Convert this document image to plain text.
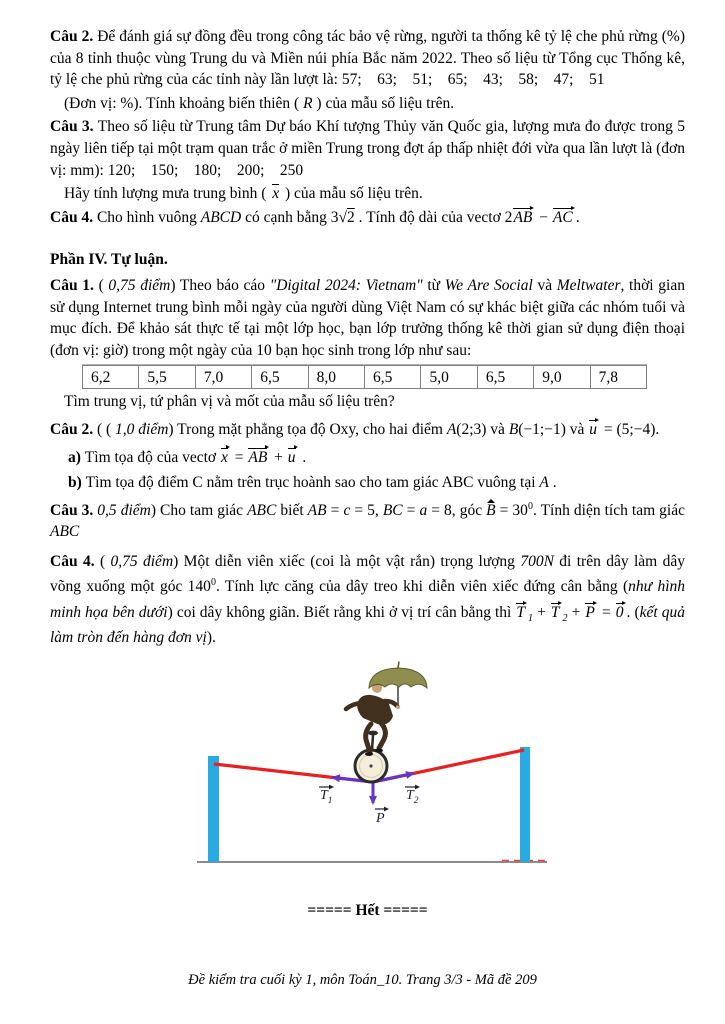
Câu 2. Để đánh giá sự đồng đều trong công tác bảo vệ rừng, người ta thống kê tỷ lệ che phủ rừng (%) của 8 tỉnh thuộc vùng Trung du và Miền núi phía Bắc năm 2022. Theo số liệu từ Tổng cục Thống kê, tỷ lệ che phủ rừng của các tỉnh này lần lượt là: 57;  63;  51;  65;  43;  58;  47;  51

(Đơn vị: %). Tính khoảng biến thiên ( R ) của mẫu số liệu trên.

Câu 3. Theo số liệu từ Trung tâm Dự báo Khí tượng Thủy văn Quốc gia, lượng mưa đo được trong 5 ngày liên tiếp tại một trạm quan trắc ở miền Trung trong đợt áp thấp nhiệt đới vừa qua lần lượt là (đơn vị: mm): 120;  150;  180;  200;  250

Hãy tính lượng mưa trung bình ( x ) của mẫu số liệu trên.

Câu 4. Cho hình vuông ABCD có cạnh bằng 3√2 . Tính độ dài của vectơ 2AB − AC .

Phần IV. Tự luận.

Câu 1. ( 0,75 điểm) Theo báo cáo "Digital 2024: Vietnam" từ We Are Social và Meltwater, thời gian sử dụng Internet trung bình mỗi ngày của người dùng Việt Nam có sự khác biệt giữa các nhóm tuổi và mục đích. Để khảo sát thực tế tại một lớp học, bạn lớp trưởng thống kê thời gian sử dụng điện thoại (đơn vị: giờ) trong một ngày của 10 bạn học sinh trong lớp như sau:

6,2	5,5	7,0	6,5	8,0	6,5	5,0	6,5	9,0	7,8

Tìm trung vị, tứ phân vị và mốt của mẫu số liệu trên?

Câu 2. ( ( 1,0 điểm) Trong mặt phẳng tọa độ Oxy, cho hai điểm A(2;3) và B(−1;−1) và u = (5;−4).

a) Tìm tọa độ của vectơ x = AB + u .

b) Tìm tọa độ điểm C nằm trên trục hoành sao cho tam giác ABC vuông tại A .

Câu 3. 0,5 điểm) Cho tam giác ABC biết AB = c = 5, BC = a = 8, góc $B = 30^0$. Tính diện tích tam giác ABC

Câu 4. ( 0,75 điểm) Một diễn viên xiếc (coi là một vật rắn) trọng lượng 700N đi trên dây làm dây võng xuống một góc $140^0$. Tính lực căng của dây treo khi diễn viên xiếc đứng cân bằng (như hình minh họa bên dưới) coi dây không giãn. Biết rằng khi ở vị trí cân bằng thì T $_1$ + T $_2$ + P = 0 . (kết quả làm tròn đến hàng đơn vị).

$T_1$	$T_2$
P

===== Hết =====

Đề kiểm tra cuối kỳ 1, môn Toán_10. Trang 3/3 - Mã đề 209
